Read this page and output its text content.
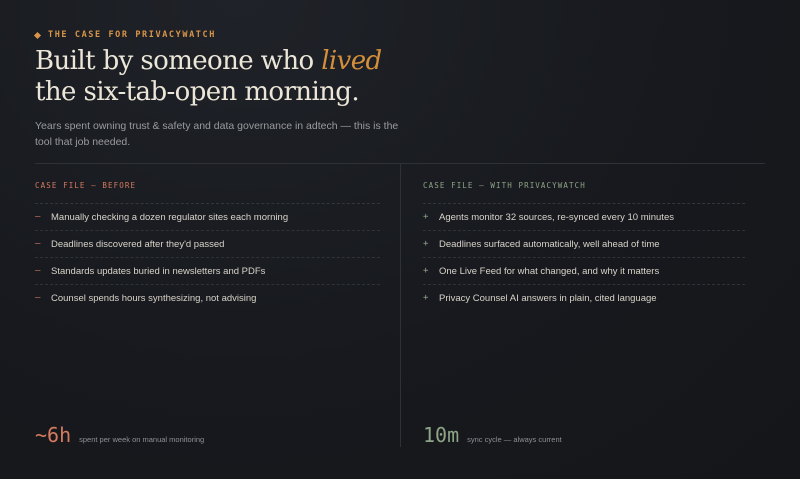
THE CASE FOR PRIVACYWATCH
Built by someone who lived
the six-tab-open morning.
Years spent owning trust & safety and data governance in adtech — this is the tool that job needed.
CASE FILE — BEFORE
–	Manually checking a dozen regulator sites each morning
–	Deadlines discovered after they'd passed
–	Standards updates buried in newsletters and PDFs
–	Counsel spends hours synthesizing, not advising
CASE FILE — WITH PRIVACYWATCH
+	Agents monitor 32 sources, re-synced every 10 minutes
+	Deadlines surfaced automatically, well ahead of time
+	One Live Feed for what changed, and why it matters
+	Privacy Counsel AI answers in plain, cited language
~6h spent per week on manual monitoring	10m sync cycle — always current
